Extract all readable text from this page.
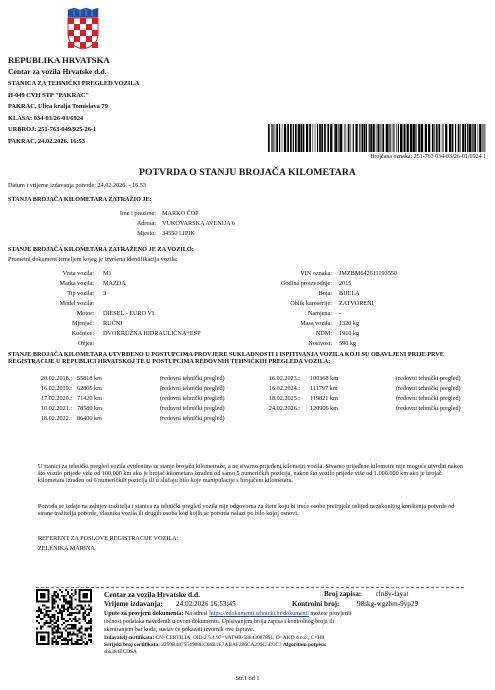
REPUBLIKA HRVATSKA
Centar za vozila Hrvatske d.d.
STANICA ZA TEHNIČKI PREGLED VOZILA
H-049 CVH STP "PAKRAC"
PAKRAC, Ulica kralja Tomislava 79
KLASA: 034-03/26-01/6924
URBROJ: 251-763-049/925-26-1
PAKRAC, 24.02.2026. 16:53
Brojčana oznaka: 251-763 034-03/26-01/6924 1
POTVRDA O STANJU BROJAČA KILOMETARA
Datum i vrijeme izdavanja potvrde: 24.02.2026. - 16.53
STANJA BROJAČA KILOMETARA ZATRAŽIO JE:
Ime i prezime: MARKO ČOP
Adresa: VUKOVARSKA AVENIJA 6
Mjesto: 34550 LIPIK
STANJE BROJAČA KILOMETARA ZATRAŽENO JE ZA VOZILO:
Prometni dokument temeljem kojeg je izvršena identifikacija vozila:
Vrsta vozila: M1
Marka vozila: MAZDA
Tip vozila: 3
Model vozila:
Motor: DIESEL - EURO VI
Mjenjač: RUČNI
Kočnice: DVOKRUŽNA HIDRAULIČNA+ESP
Ovjes:
VIN oznaka: JMZBM642611193550
Godina proizvodnje: 2015
Boja: BIJELA
Oblik karoserije: ZATVORENI
Namjena: -
Masa vozila: 1320 kg
NDM: 1910 kg
Nosivost: 590 kg
STANJE BROJAČA KILOMETARA UTVRĐENO U POSTUPCIMA PROVJERE SUKLADNOSTI I ISPITIVANJA VOZILA KOJI SU OBAVLJENI PRIJE PRVE REGISTRACIJE U REPUBLICI HRVATSKOJ TE U POSTUPCIMA REDOVNIH TEHNIČKIH PREGLEDA VOZILA:
20.02.2018.: 55818 km	(redovni tehnički pregled)
16.02.2019.: 62805 km	(redovni tehnički pregled)
17.02.2020.: 71420 km	(redovni tehnički pregled)
10.02.2021.: 78580 km	(redovni tehnički pregled)
18.02.2022.: 86400 km	(redovni tehnički pregled)
16.02.2023.: 100368 km	(redovni tehnički pregled)
16.02.2024.: 111797 km	(redovni tehnički pregled)
18.02.2025.: 119821 km	(redovni tehnički pregled)
24.02.2026.: 120906 km	(redovni tehnički pregled)
U stanici za tehnički pregled vozila evidentira se stanje brojača kilometraže, a ne stvarno prijeđeni kilometri vozila. Stvarno prijeđene kilometre nije moguće utvrditi nakon što vozilo prijeđe više od 100.000 km ako je brojač kilometara izrađen od samo 5 numeričkih pozicija, nakon što vozilo prijeđe više od 1.000.000 km ako je brojač kilometara izrađen od 6 numeričkih pozicija ili u slučaju bilo koje manipulacije s brojačem kilometara.
Potvrda se izdaje na zahtjev tražitelja i stanica za tehnički pregled vozila nije odgovorna za štetu koju bi treće osobe pretrpjele uslijed nezakonitog korištenja potvrde od strane tražitelja potvrde, vlasnika vozila ili drugih osoba kod kojih se potvrda nalazi po bilo kojoj osnovi.
REFERENT ZA POSLOVE REGISTRACIJE VOZILA:
ZELENIKA MARINA
Centar za vozila Hrvatske d.d.	Broj zapisa: rfn8y-fayat
Vrijeme izdavanja: 24.02.2026 16:53:45	Kontrolni broj: 98skg-wgzbm-9yp29
Upute za provjeru dokumenta: Na adresi https://edokumenti.tehnicki.hr/dokumenti možete provjeriti
točnost podataka navedenih u ovom dokumentu. Upisivanjem broja zapisa i kontrolnog broja ili
skeniranjem bar koda, sustav će pokazati izvornik ove isprave.
Izdavatelj certifikata: CN=CERTILIA, OID.2.5.4.97=VATHR-58843087891, O=AKD d.o.o., C=HR
Serijski broj certifikata: 2250B487554988EC66B1E7ABAF286CA299C5D1C3 Algoritam potpisa:
sha384ECDSA
Str.1 od 1
